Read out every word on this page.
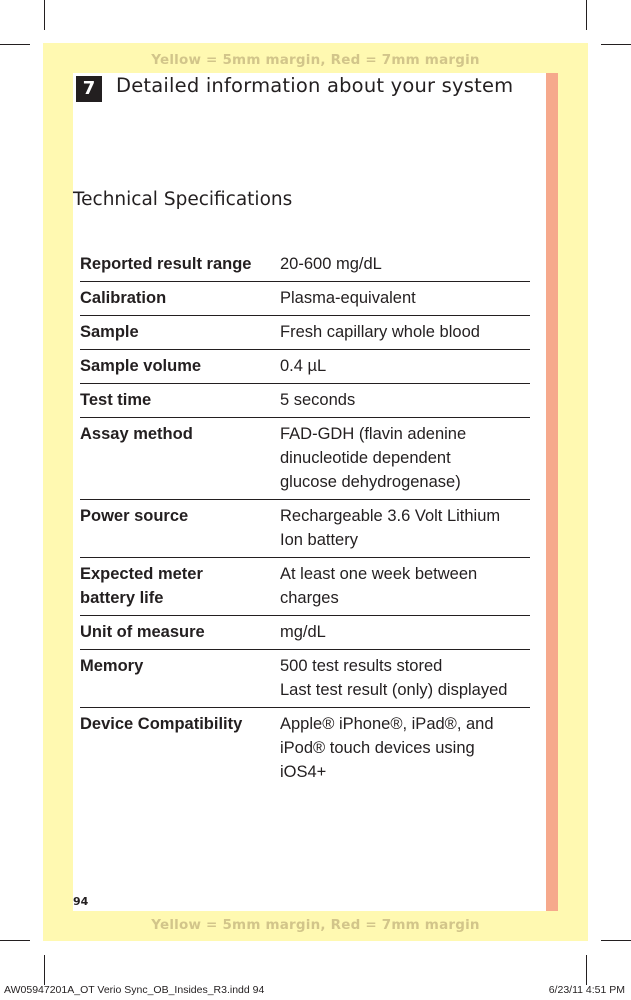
Yellow = 5mm margin, Red = 7mm margin
Yellow = 5mm margin, Red = 7mm margin
7	Detailed information about your system
Technical Specifications
Reported result range	20-600 mg/dL
Calibration	Plasma-equivalent
Sample	Fresh capillary whole blood
Sample volume	0.4 µL
Test time	5 seconds
Assay method	FAD-GDH (flavin adenine
dinucleotide dependent
glucose dehydrogenase)
Power source	Rechargeable 3.6 Volt Lithium
Ion battery
Expected meter
battery life	At least one week between
charges
Unit of measure	mg/dL
Memory	500 test results stored
Last test result (only) displayed
Device Compatibility	Apple® iPhone®, iPad®, and
iPod® touch devices using
iOS4+
94
AW05947201A_OT Verio Sync_OB_Insides_R3.indd 94	6/23/11 4:51 PM
